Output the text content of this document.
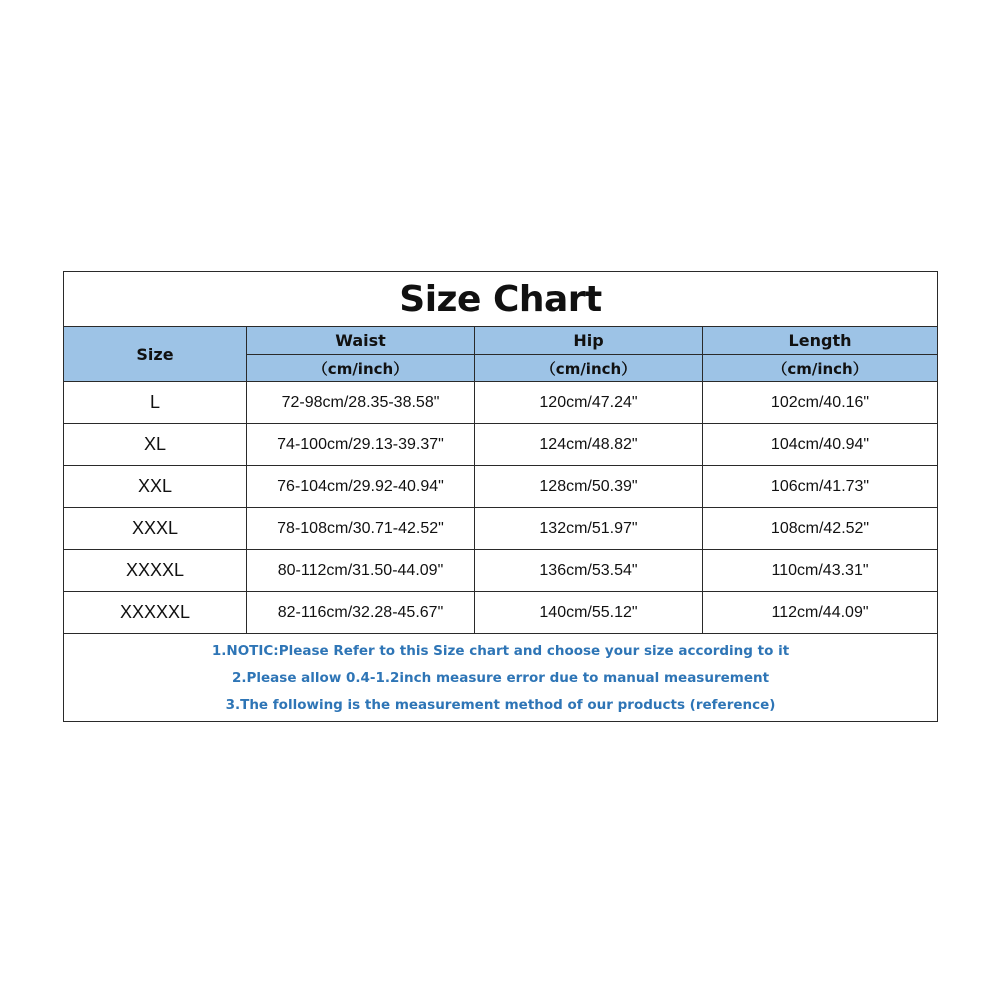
Size Chart			
Size	Waist	Hip	Length
	（cm/inch）	（cm/inch）	（cm/inch）
L	72-98cm/28.35-38.58"	120cm/47.24"	102cm/40.16"
XL	74-100cm/29.13-39.37"	124cm/48.82"	104cm/40.94"
XXL	76-104cm/29.92-40.94"	128cm/50.39"	106cm/41.73"
XXXL	78-108cm/30.71-42.52"	132cm/51.97"	108cm/42.52"
XXXXL	80-112cm/31.50-44.09"	136cm/53.54"	110cm/43.31"
XXXXXL	82-116cm/32.28-45.67"	140cm/55.12"	112cm/44.09"

1.NOTIC:Please Refer to this Size chart and choose your size according to it
2.Please allow 0.4-1.2inch measure error due to manual measurement
3.The following is the measurement method of our products (reference)			
